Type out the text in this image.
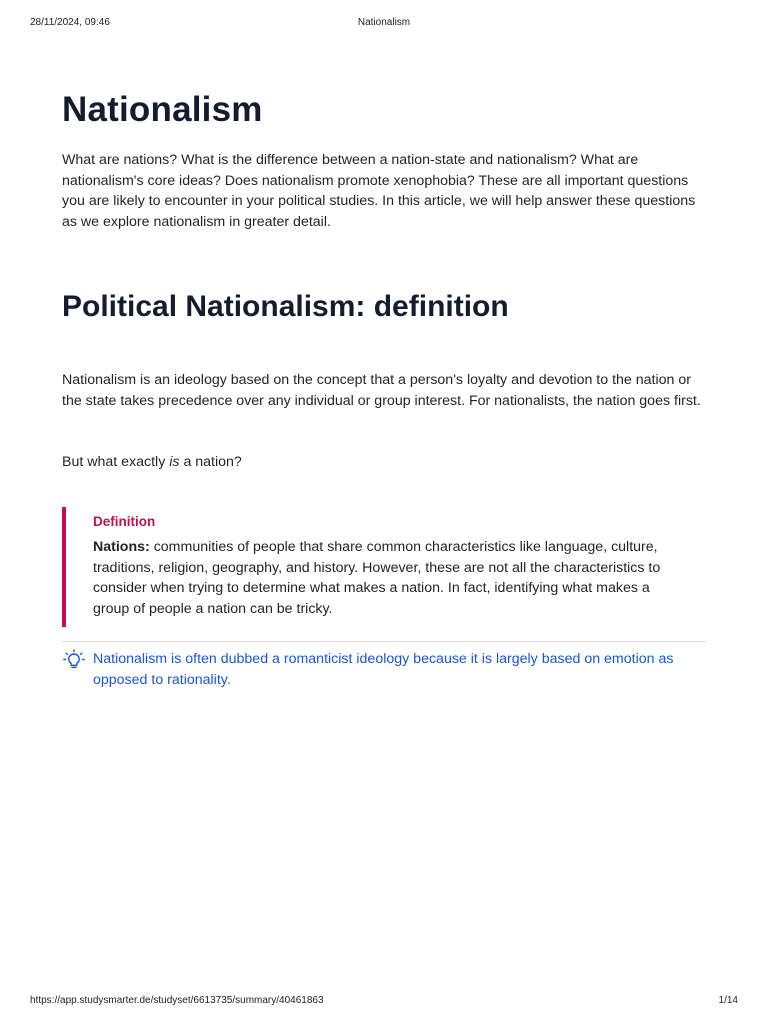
28/11/2024, 09:46	Nationalism
Nationalism

What are nations? What is the difference between a nation-state and nationalism? What are nationalism's core ideas? Does nationalism promote xenophobia? These are all important questions you are likely to encounter in your political studies. In this article, we will help answer these questions as we explore nationalism in greater detail.

Political Nationalism: definition

Nationalism is an ideology based on the concept that a person's loyalty and devotion to the nation or the state takes precedence over any individual or group interest. For nationalists, the nation goes first.

But what exactly is a nation?

Definition

Nations: communities of people that share common characteristics like language, culture, traditions, religion, geography, and history. However, these are not all the characteristics to consider when trying to determine what makes a nation. In fact, identifying what makes a group of people a nation can be tricky.

Nationalism is often dubbed a romanticist ideology because it is largely based on emotion as opposed to rationality.

https://app.studysmarter.de/studyset/6613735/summary/40461863	1/14
